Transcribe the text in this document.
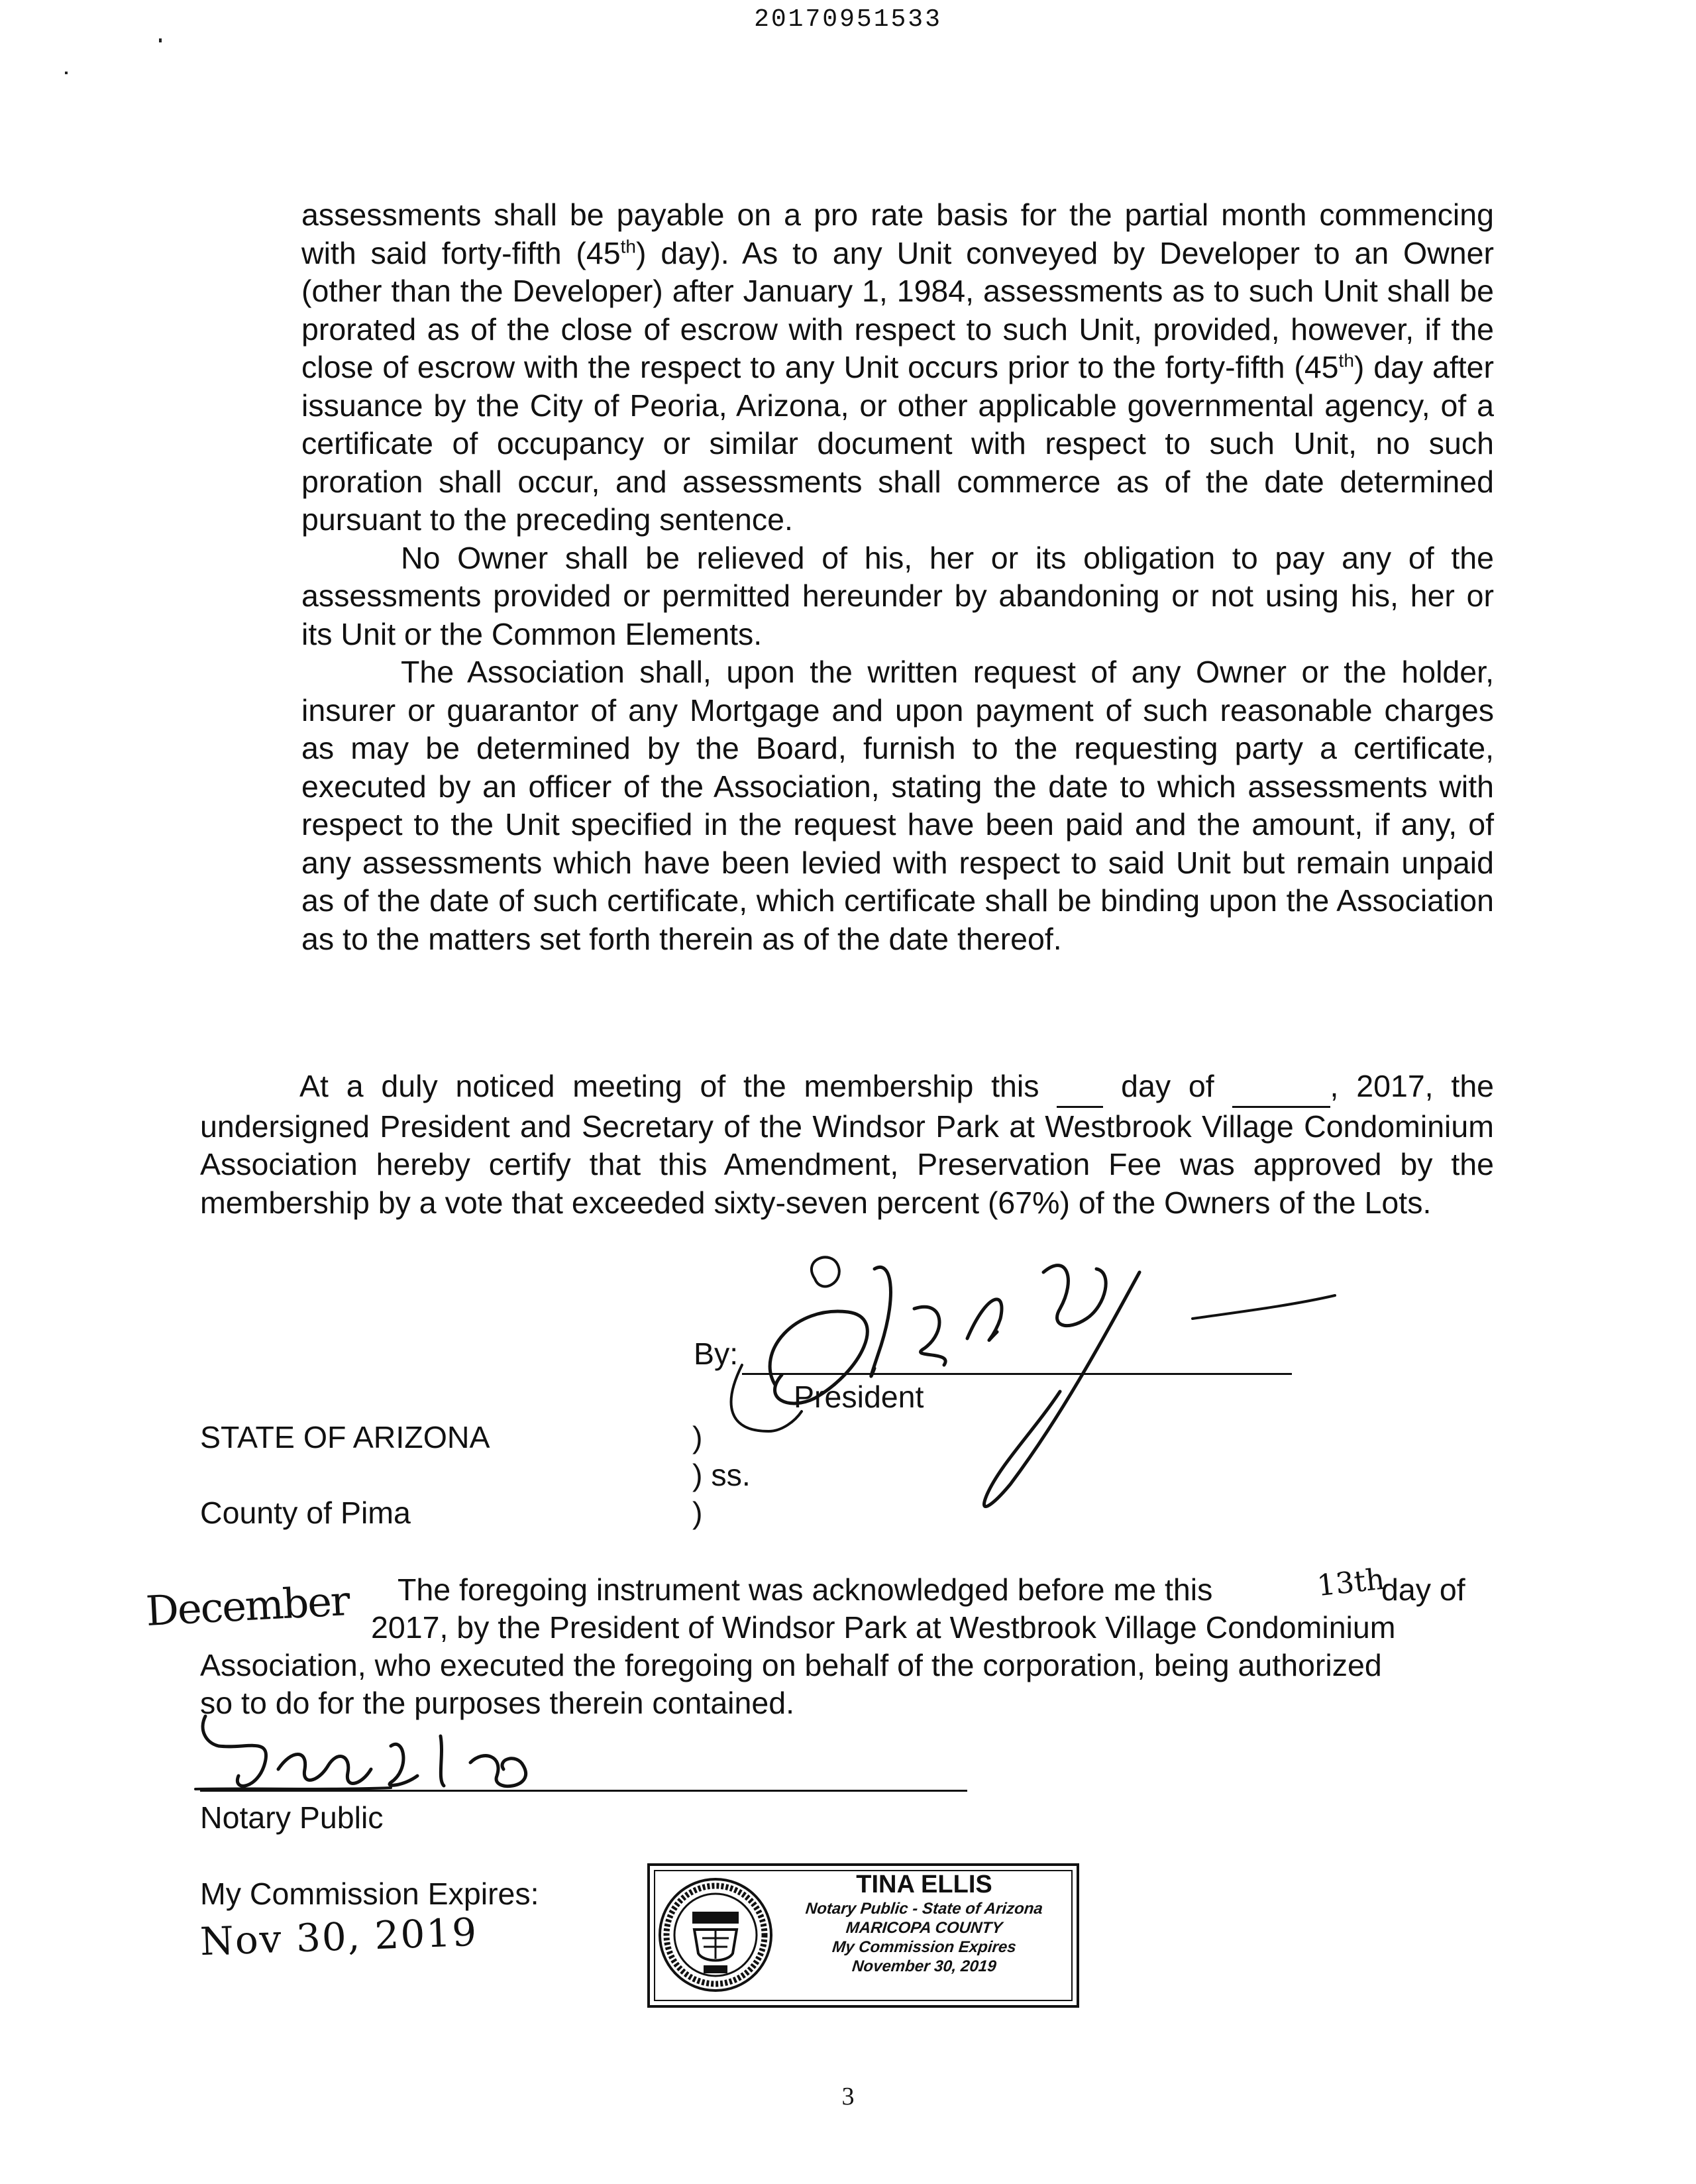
20170951533

assessments shall be payable on a pro rate basis for the partial month commencing with said forty-fifth (45th) day). As to any Unit conveyed by Developer to an Owner (other than the Developer) after January 1, 1984, assessments as to such Unit shall be prorated as of the close of escrow with respect to such Unit, provided, however, if the close of escrow with the respect to any Unit occurs prior to the forty-fifth (45th) day after issuance by the City of Peoria, Arizona, or other applicable governmental agency, of a certificate of occupancy or similar document with respect to such Unit, no such proration shall occur, and assessments shall commerce as of the date determined pursuant to the preceding sentence.

No Owner shall be relieved of his, her or its obligation to pay any of the assessments provided or permitted hereunder by abandoning or not using his, her or its Unit or the Common Elements.

The Association shall, upon the written request of any Owner or the holder, insurer or guarantor of any Mortgage and upon payment of such reasonable charges as may be determined by the Board, furnish to the requesting party a certificate, executed by an officer of the Association, stating the date to which assessments with respect to the Unit specified in the request have been paid and the amount, if any, of any assessments which have been levied with respect to said Unit but remain unpaid as of the date of such certificate, which certificate shall be binding upon the Association as to the matters set forth therein as of the date thereof.

At a duly noticed meeting of the membership this	day of	, 2017, the undersigned President and Secretary of the Windsor Park at Westbrook Village Condominium Association hereby certify that this Amendment, Preservation Fee was approved by the membership by a vote that exceeded sixty-seven percent (67%) of the Owners of the Lots.

By:
President
STATE OF ARIZONA	)
) ss.
County of Pima	)
The foregoing instrument was acknowledged before me this	13th
day of
December 2017, by the President of Windsor Park at Westbrook Village Condominium
Association, who executed the foregoing on behalf of the corporation, being authorized
so to do for the purposes therein contained.
Notary Public
My Commission Expires:
Nov 30, 2019
TINA ELLIS
Notary Public - State of Arizona
MARICOPA COUNTY
My Commission Expires
November 30, 2019
3
